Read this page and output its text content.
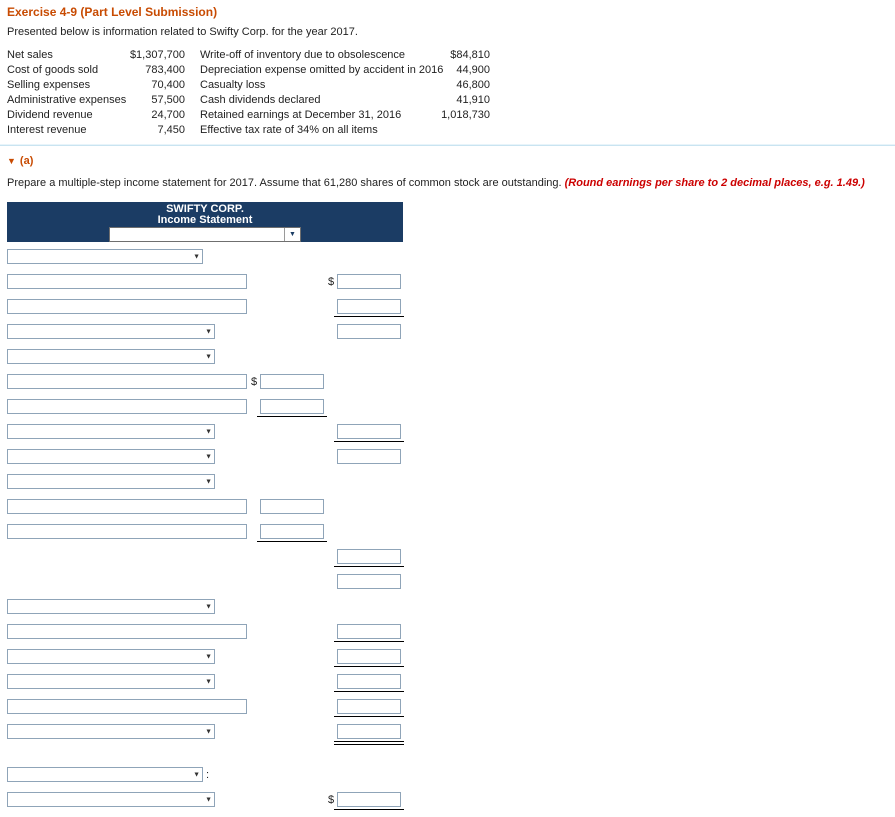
Exercise 4-9 (Part Level Submission)
Presented below is information related to Swifty Corp. for the year 2017.
Net sales	$1,307,700 Write-off of inventory due to obsolescence	$84,810
Cost of goods sold	783,400 Depreciation expense omitted by accident in 2016	44,900
Selling expenses	70,400 Casualty loss	46,800
Administrative expenses	57,500 Cash dividends declared	41,910
Dividend revenue	24,700 Retained earnings at December 31, 2016	1,018,730
Interest revenue	7,450 Effective tax rate of 34% on all items
▼ (a)
Prepare a multiple-step income statement for 2017. Assume that 61,280 shares of common stock are outstanding. (Round earnings per share to 2 decimal places, e.g. 1.49.)
SWIFTY CORP.
Income Statement
▼
▼
$
▼
▼
$
▼
▼
▼
▼
▼
▼
▼
▼ :
▼	$
